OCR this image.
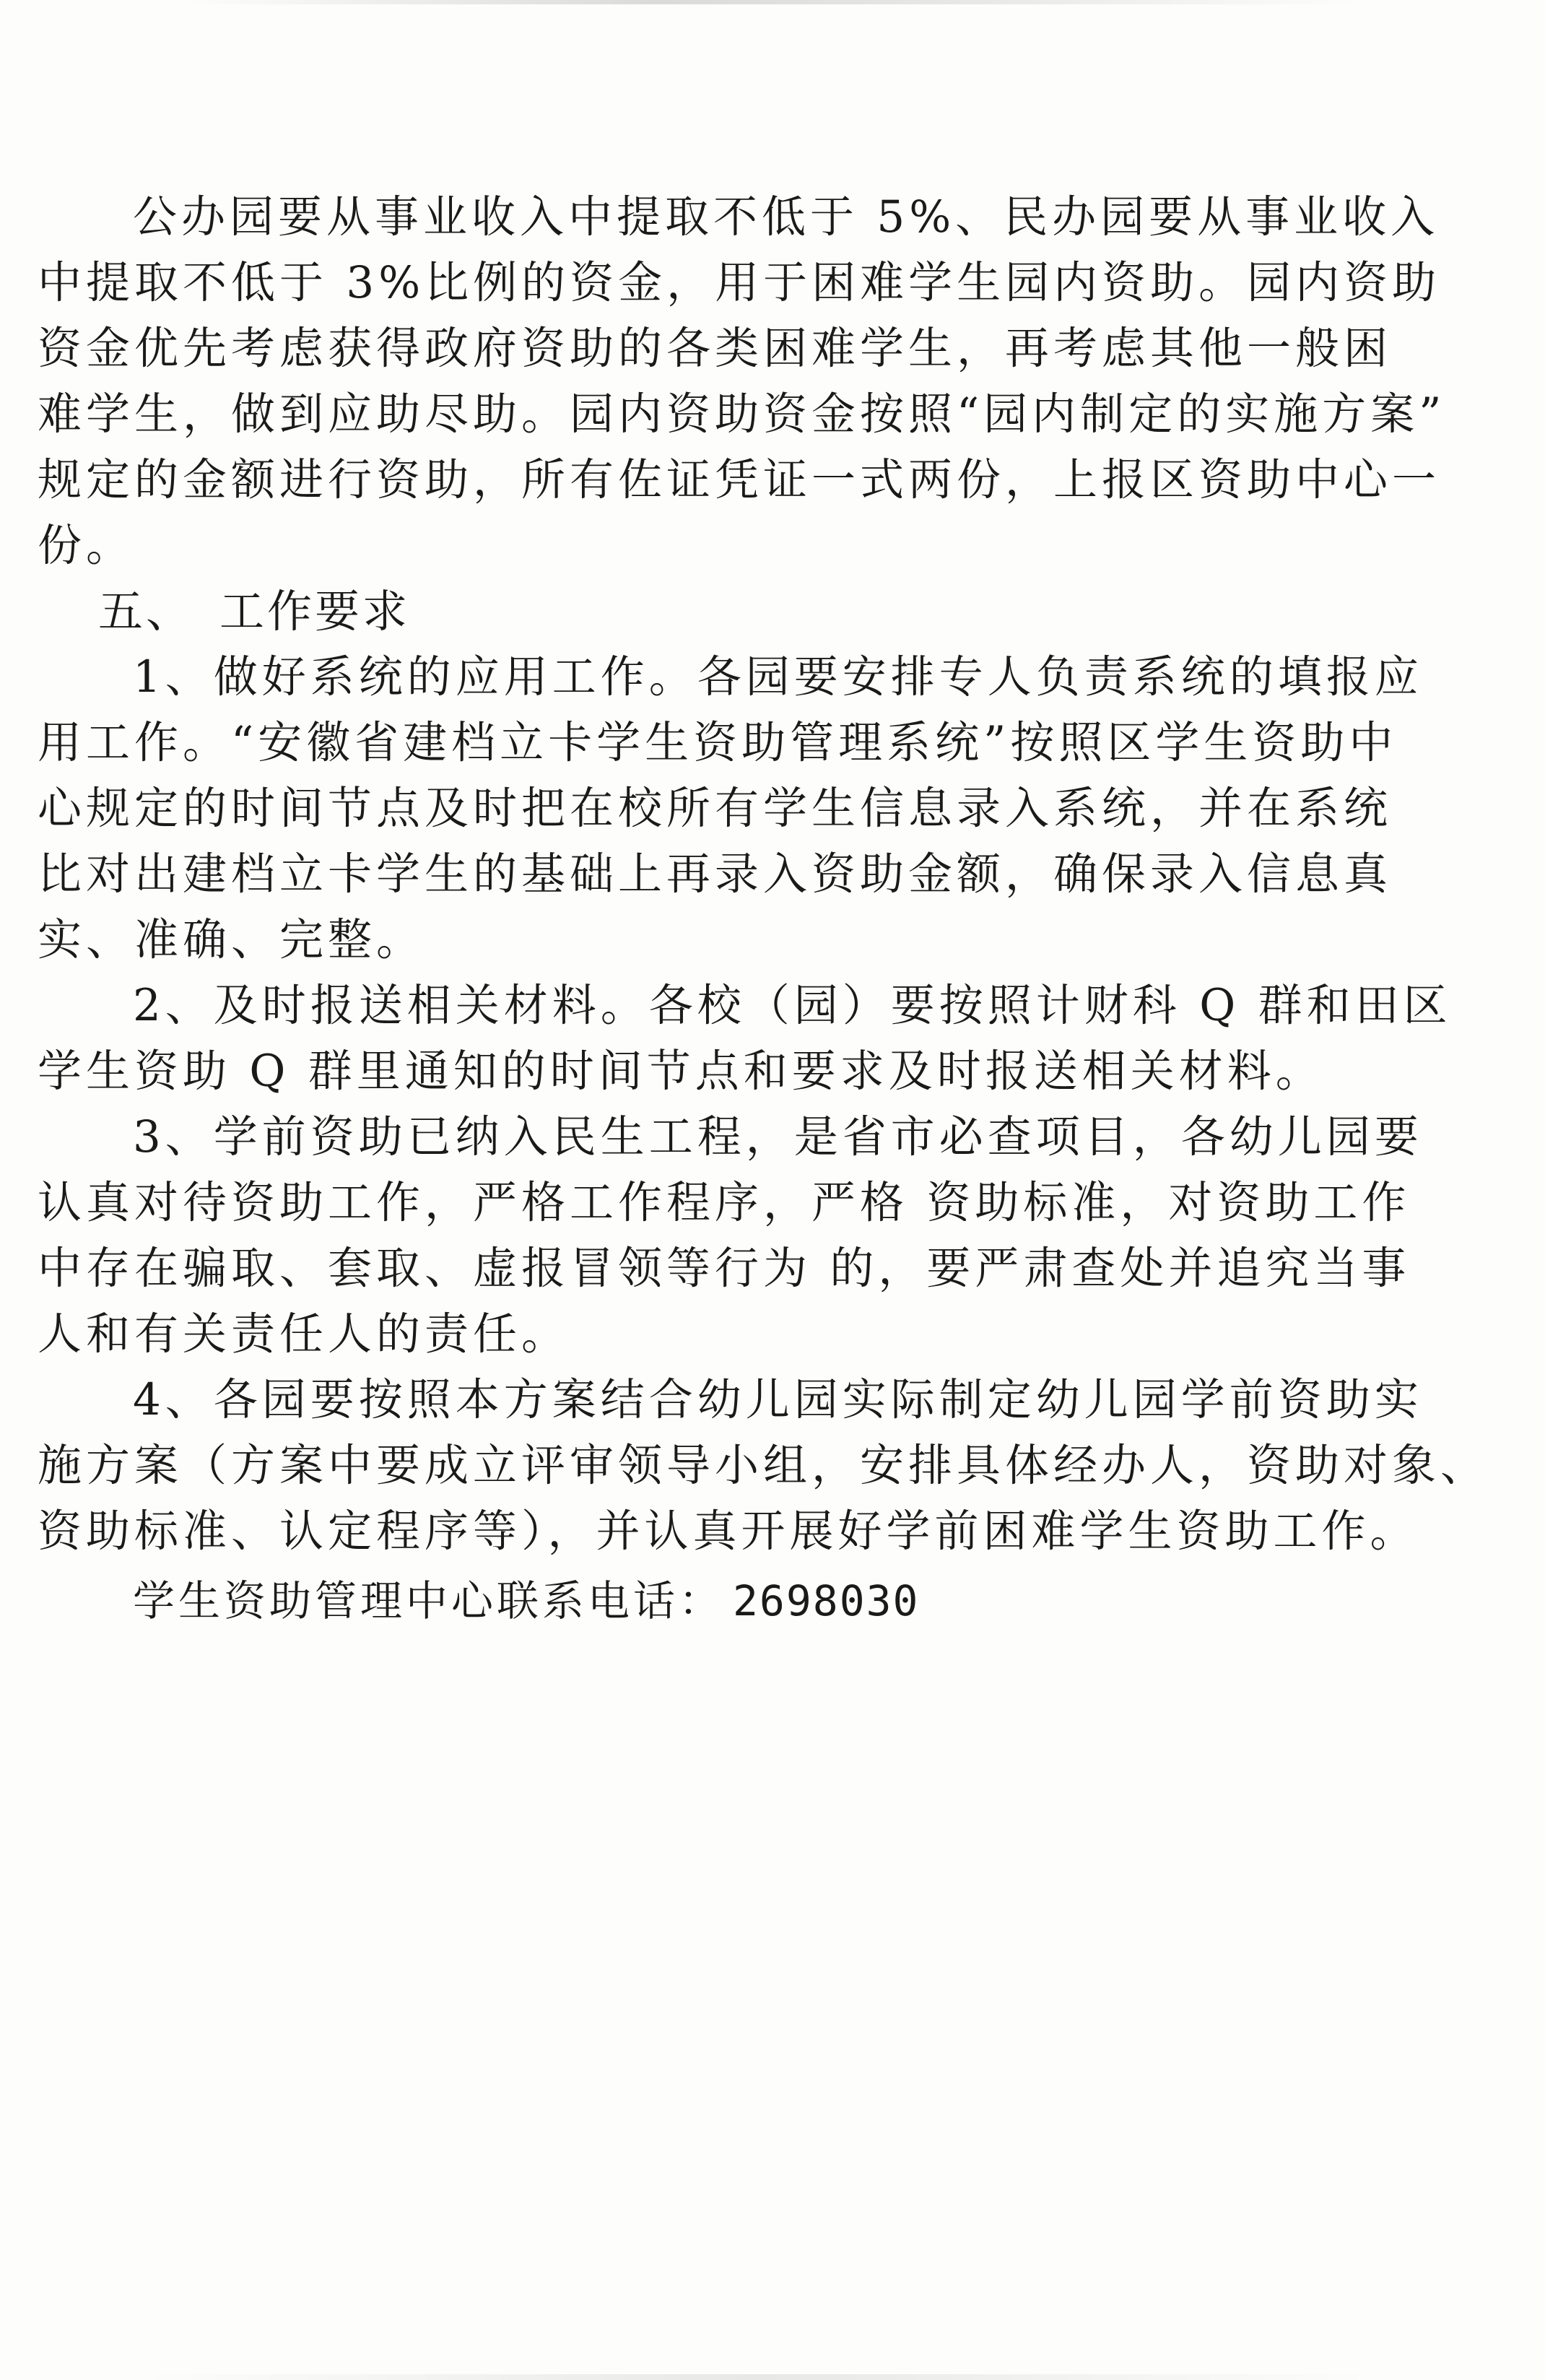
公办园要从事业收入中提取不低于 5%、民办园要从事业收入
中提取不低于 3%比例的资金，用于困难学生园内资助。园内资助
资金优先考虑获得政府资助的各类困难学生，再考虑其他一般困
难学生，做到应助尽助。园内资助资金按照“园内制定的实施方案”
规定的金额进行资助，所有佐证凭证一式两份，上报区资助中心一
份。
五、 工作要求
1、做好系统的应用工作。各园要安排专人负责系统的填报应
用工作。“安徽省建档立卡学生资助管理系统”按照区学生资助中
心规定的时间节点及时把在校所有学生信息录入系统，并在系统
比对出建档立卡学生的基础上再录入资助金额，确保录入信息真
实、准确、完整。
2、及时报送相关材料。各校（园）要按照计财科 Q 群和田区
学生资助 Q 群里通知的时间节点和要求及时报送相关材料。
3、学前资助已纳入民生工程，是省市必查项目，各幼儿园要
认真对待资助工作，严格工作程序，严格 资助标准，对资助工作
中存在骗取、套取、虚报冒领等行为 的，要严肃查处并追究当事
人和有关责任人的责任。
4、各园要按照本方案结合幼儿园实际制定幼儿园学前资助实
施方案（方案中要成立评审领导小组，安排具体经办人，资助对象、
资助标准、认定程序等），并认真开展好学前困难学生资助工作。
学生资助管理中心联系电话： 2698030
